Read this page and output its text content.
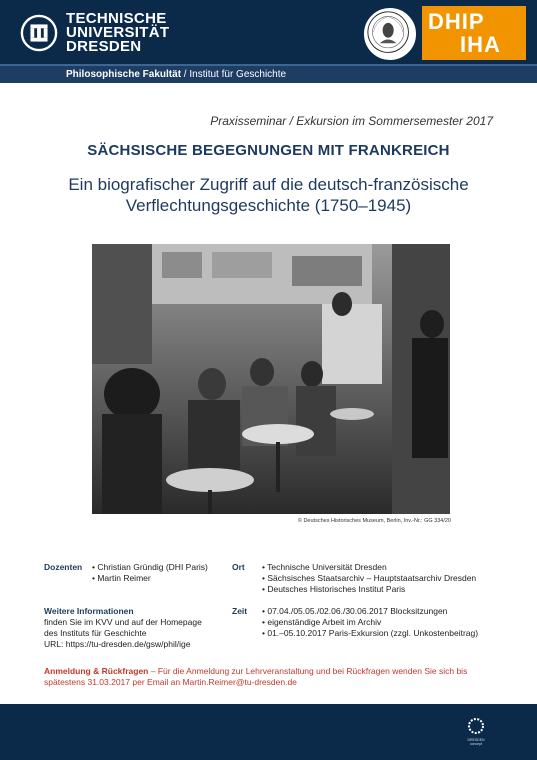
TECHNISCHE
UNIVERSITÄT
DRESDEN
DHIP
IHA
Philosophische Fakultät / Institut für Geschichte
Praxisseminar / Exkursion im Sommersemester 2017
SÄCHSISCHE BEGEGNUNGEN MIT FRANKREICH
Ein biografischer Zugriff auf die deutsch-französische
Verflechtungsgeschichte (1750–1945)
© Deutsches Historisches Museum, Berlin, Inv.-Nr.: GG 334/20
Dozenten • Christian Gründig (DHI Paris)
• Martin Reimer
Ort • Technische Universität Dresden
• Sächsisches Staatsarchiv – Hauptstaatsarchiv Dresden
• Deutsches Historisches Institut Paris
Weitere Informationen
finden Sie im KVV und auf der Homepage
des Instituts für Geschichte
URL: https://tu-dresden.de/gsw/phil/ige
Zeit • 07.04./05.05./02.06./30.06.2017 Blocksitzungen
• eigenständige Arbeit im Archiv
• 01.–05.10.2017 Paris-Exkursion (zzgl. Unkostenbeitrag)
Anmeldung & Rückfragen – Für die Anmeldung zur Lehrveranstaltung und bei Rückfragen wenden Sie sich bis spätestens 31.03.2017 per Email an Martin.Reimer@tu-dresden.de
DRESDEN
concept
